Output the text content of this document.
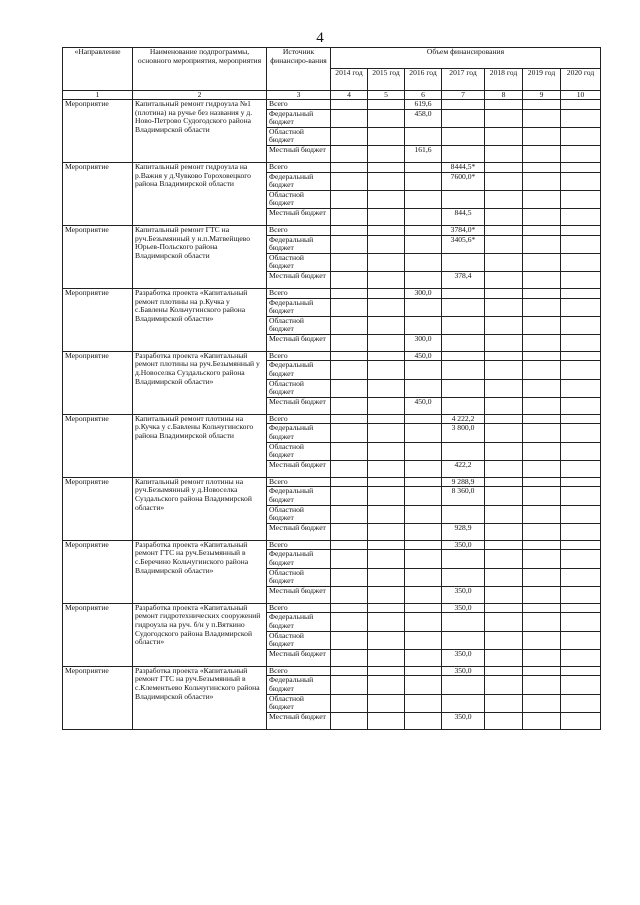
4
«Направление	Наименование подпрограммы, основного мероприятия, мероприятия	Источник финансиро-вания	Объем финансирования						
			2014 год	2015 год	2016 год	2017 год	2018 год	2019 год	2020 год
1	2	3	4	5	6	7	8	9	10
Мероприятие	Капитальный ремонт гидроузла №1 (плотина) на ручье без названия у д. Ново-Петрово Судогодского района Владимирской области	Всего			619,6				
		Федеральный бюджет			458,0				
		Областной бюджет							
		Местный бюджет			161,6				
Мероприятие	Капитальный ремонт гидроузла на р.Важня у д.Чувково Гороховецкого района Владимирской области	Всего				8444,5*			
		Федеральный бюджет				7600,0*			
		Областной бюджет							
		Местный бюджет				844,5			
Мероприятие	Капитальный ремонт ГТС на руч.Безымянный у н.п.Матвейщево Юрьев-Польского района Владимирской области	Всего				3784,0*			
		Федеральный бюджет				3405,6*			
		Областной бюджет							
		Местный бюджет				378,4			
Мероприятие	Разработка проекта «Капитальный ремонт плотины на р.Кучка у с.Бавлены Кольчугинского района Владимирской области»	Всего			300,0				
		Федеральный бюджет							
		Областной бюджет							
		Местный бюджет			300,0				
Мероприятие	Разработка проекта «Капитальный ремонт плотины на руч.Безымянный у д.Новоселка Суздальского района Владимирской области»	Всего			450,0				
		Федеральный бюджет							
		Областной бюджет							
		Местный бюджет			450,0				
Мероприятие	Капитальный ремонт плотины на р.Кучка у с.Бавлены Кольчугинского района Владимирской области	Всего				4 222,2			
		Федеральный бюджет				3 800,0			
		Областной бюджет							
		Местный бюджет				422,2			
Мероприятие	Капитальный ремонт плотины на руч.Безымянный у д.Новоселка Суздальского района Владимирской области»	Всего				9 288,9			
		Федеральный бюджет				8 360,0			
		Областной бюджет							
		Местный бюджет				928,9			
Мероприятие	Разработка проекта «Капитальный ремонт ГТС на руч.Безымянный в с.Беречино Кольчугинского района Владимирской области»	Всего				350,0			
		Федеральный бюджет							
		Областной бюджет							
		Местный бюджет				350,0			
Мероприятие	Разработка проекта «Капитальный ремонт гидротехнических сооружений гидроузла на руч. б/н у п.Вяткино Судогодского района Владимирской области»	Всего				350,0			
		Федеральный бюджет							
		Областной бюджет							
		Местный бюджет				350,0			
Мероприятие	Разработка проекта «Капитальный ремонт ГТС на руч.Безымянный в с.Клементьево Кольчугинского района Владимирской области»	Всего				350,0			
		Федеральный бюджет							
		Областной бюджет							
		Местный бюджет				350,0			
